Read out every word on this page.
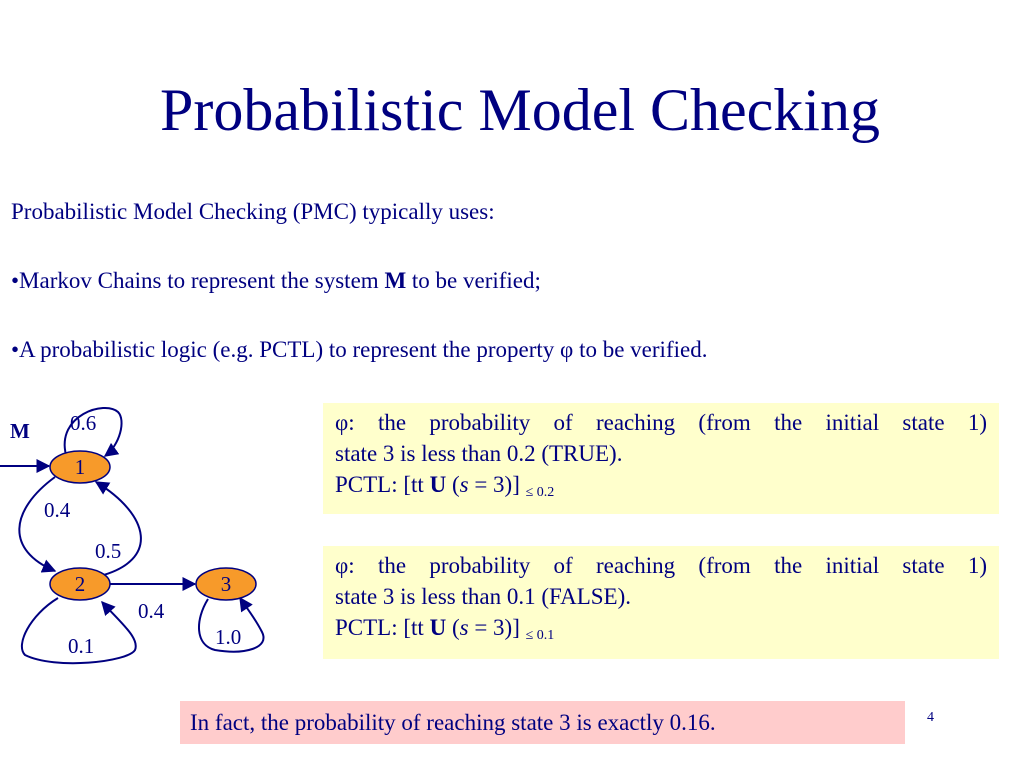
Probabilistic Model Checking
Probabilistic Model Checking (PMC) typically uses:
•Markov Chains to represent the system M to be verified;
•A probabilistic logic (e.g. PCTL) to represent the property φ to be verified.
M 0.6
0.4
0.5
0.4
0.1	1.0
1
2	3

φ: the probability of reaching (from the initial state 1)

state 3 is less than 0.2 (TRUE).

PCTL: [tt U (s = 3)] $_{\le 0.2}$

φ: the probability of reaching (from the initial state 1)

state 3 is less than 0.1 (FALSE).

PCTL: [tt U (s = 3)] $_{\le 0.1}$

In fact, the probability of reaching state 3 is exactly 0.16.	4
